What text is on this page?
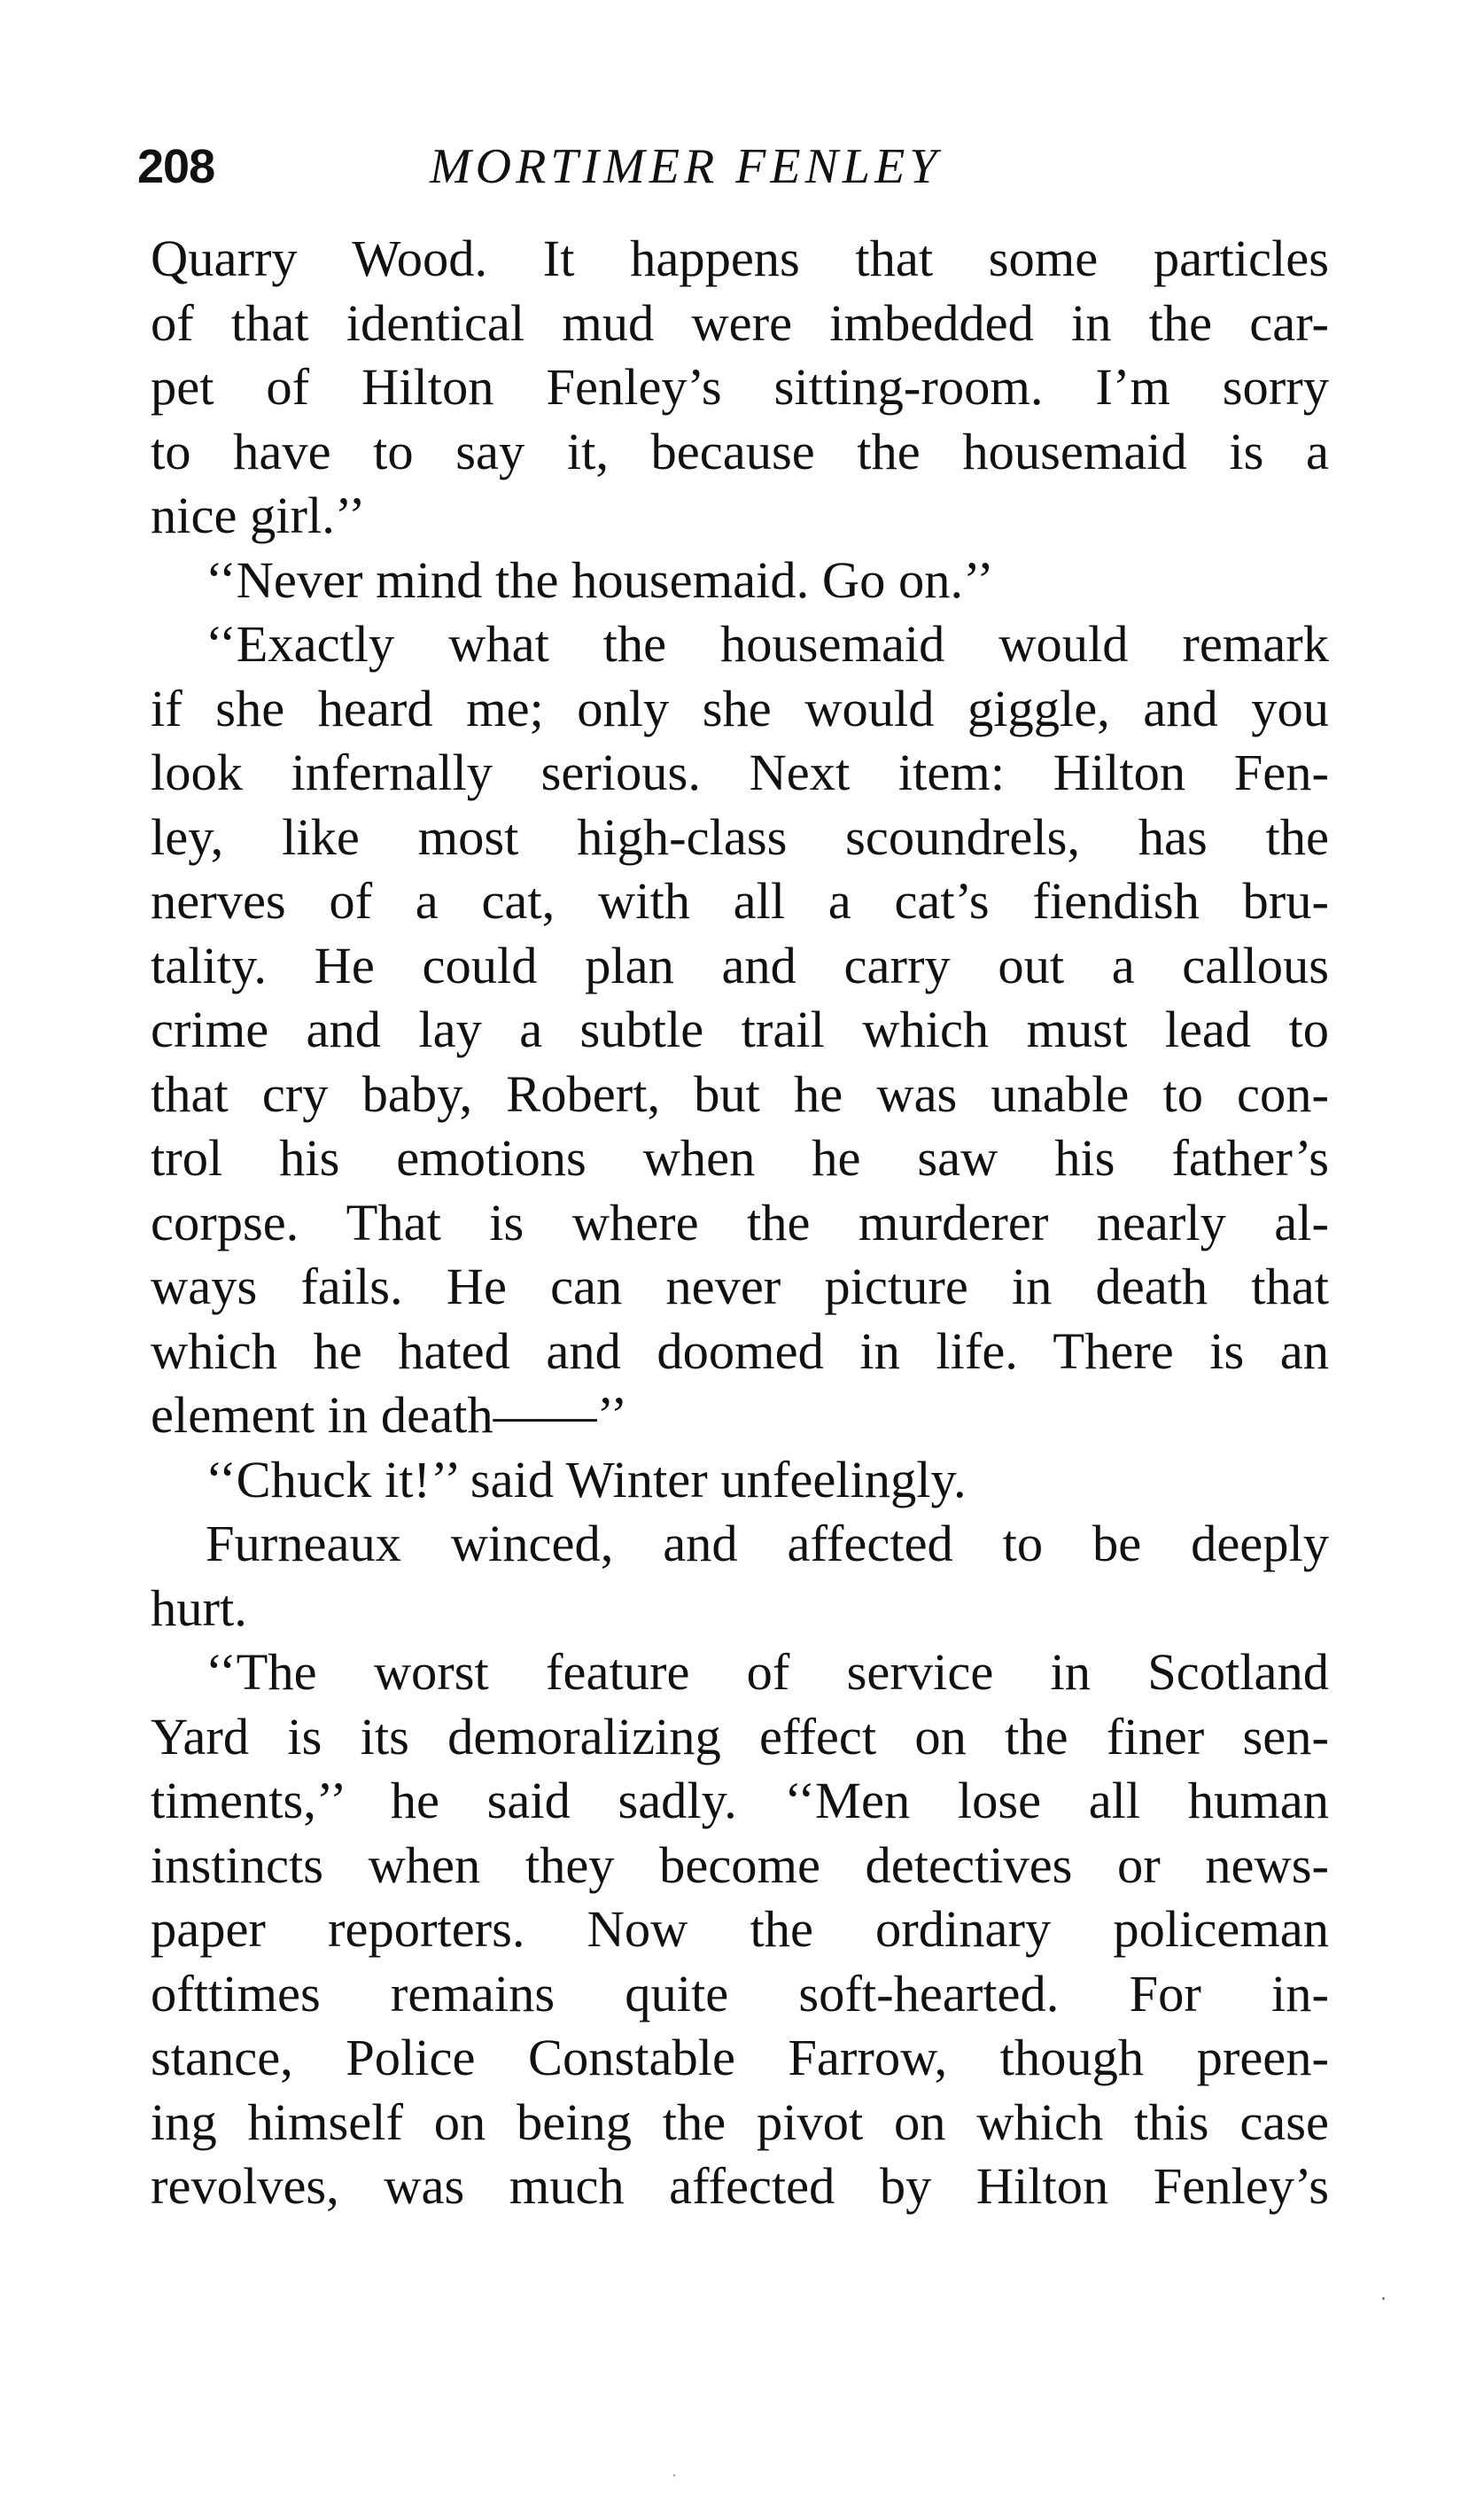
208	MORTIMER FENLEY
Quarry Wood. It happens that some particles
of that identical mud were imbedded in the car-
pet of Hilton Fenley’s sitting-room. I’m sorry
to have to say it, because the housemaid is a
nice girl.’’
‘‘Never mind the housemaid. Go on.’’
‘‘Exactly what the housemaid would remark
if she heard me; only she would giggle, and you
look infernally serious. Next item: Hilton Fen-
ley, like most high-class scoundrels, has the
nerves of a cat, with all a cat’s fiendish bru-
tality. He could plan and carry out a callous
crime and lay a subtle trail which must lead to
that cry baby, Robert, but he was unable to con-
trol his emotions when he saw his father’s
corpse. That is where the murderer nearly al-
ways fails. He can never picture in death that
which he hated and doomed in life. There is an
element in death——’’
‘‘Chuck it!’’ said Winter unfeelingly.
Furneaux winced, and affected to be deeply
hurt.
‘‘The worst feature of service in Scotland
Yard is its demoralizing effect on the finer sen-
timents,’’ he said sadly. ‘‘Men lose all human
instincts when they become detectives or news-
paper reporters. Now the ordinary policeman
ofttimes remains quite soft-hearted. For in-
stance, Police Constable Farrow, though preen-
ing himself on being the pivot on which this case
revolves, was much affected by Hilton Fenley’s
